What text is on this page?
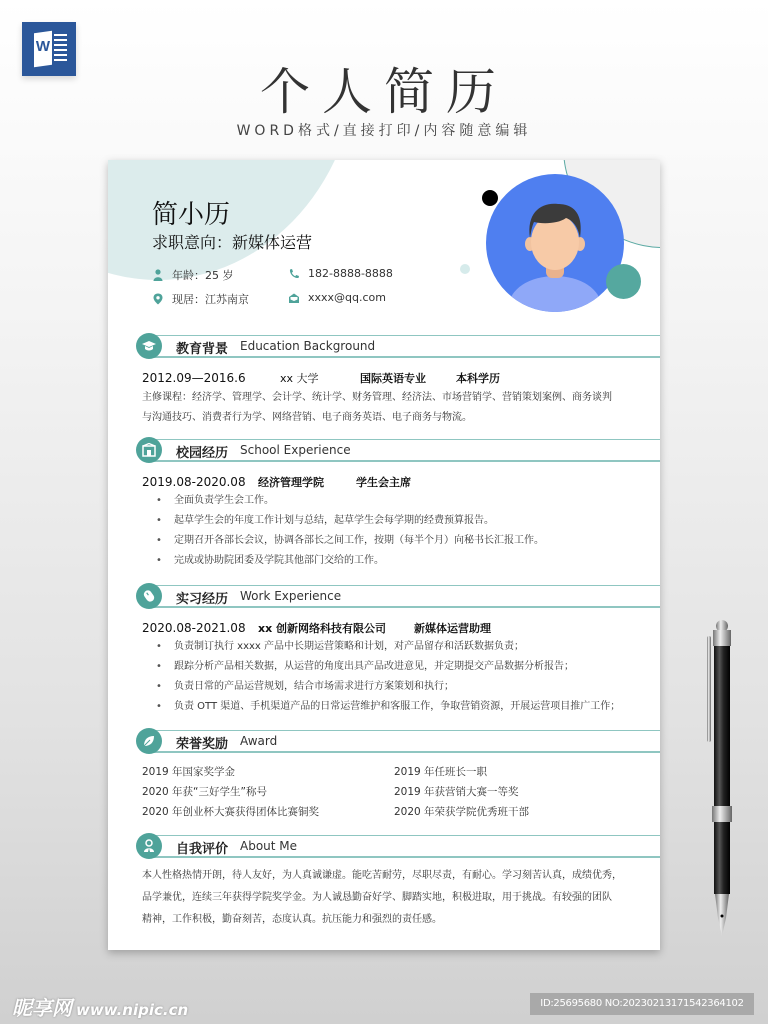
W
个人简历
WORD格式/直接打印/内容随意编辑
简小历
求职意向：新媒体运营
年龄：25 岁
现居：江苏南京
182-8888-8888
xxxx@qq.com
教育背景 Education Background
2012.09—2016.6	xx 大学	国际英语专业	本科学历
主修课程：经济学、管理学、会计学、统计学、财务管理、经济法、市场营销学、营销策划案例、商务谈判
与沟通技巧、消费者行为学、网络营销、电子商务英语、电子商务与物流。
校园经历 School Experience
2019.08-2020.08	经济管理学院	学生会主席
• 全面负责学生会工作。
• 起草学生会的年度工作计划与总结，起草学生会每学期的经费预算报告。
• 定期召开各部长会议，协调各部长之间工作，按期（每半个月）向秘书长汇报工作。
• 完成或协助院团委及学院其他部门交给的工作。
实习经历 Work Experience
2020.08-2021.08	xx 创新网络科技有限公司	新媒体运营助理
• 负责制订执行 xxxx 产品中长期运营策略和计划，对产品留存和活跃数据负责；
• 跟踪分析产品相关数据，从运营的角度出具产品改进意见，并定期提交产品数据分析报告；
• 负责日常的产品运营规划，结合市场需求进行方案策划和执行；
• 负责 OTT 渠道、手机渠道产品的日常运营维护和客服工作，争取营销资源，开展运营项目推广工作；
荣誉奖励 Award
2019 年国家奖学金	2019 年任班长一职
2020 年获“三好学生”称号	2019 年获营销大赛一等奖
2020 年创业杯大赛获得团体比赛铜奖	2020 年荣获学院优秀班干部
自我评价 About Me
本人性格热情开朗，待人友好，为人真诚谦虚。能吃苦耐劳，尽职尽责，有耐心。学习刻苦认真，成绩优秀，
品学兼优，连续三年获得学院奖学金。为人诚恳勤奋好学、脚踏实地，积极进取，用于挑战。有较强的团队
精神，工作积极，勤奋刻苦，态度认真。抗压能力和强烈的责任感。
昵享网 www.nipic.cn	ID:25695680 NO:20230213171542364102
